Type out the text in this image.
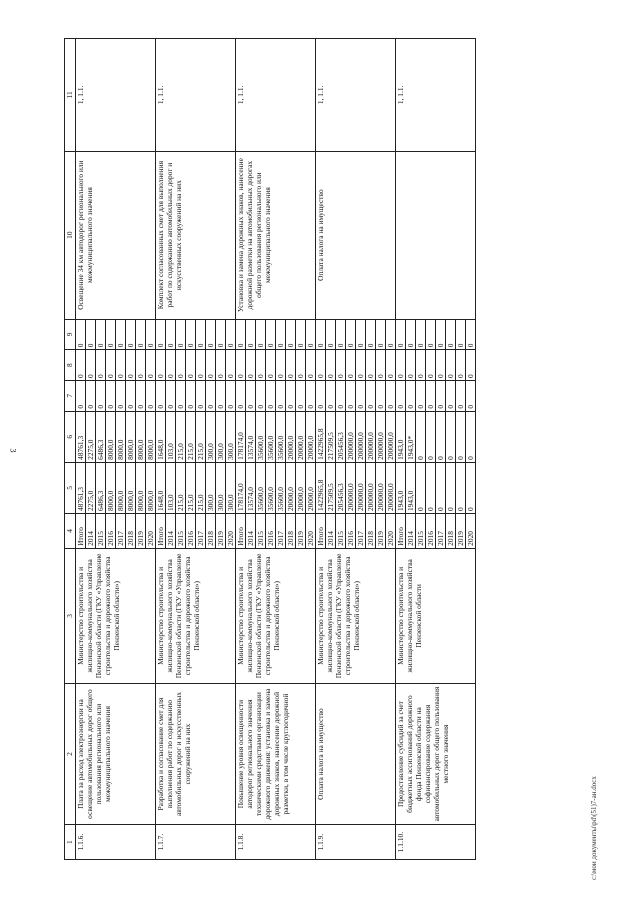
3
1	2	3	4	5	6	7	8	9	10	11
1.1.6.	Плата за расход электроэнергии на освещение автомобильных дорог общего пользования регионального или межмуниципального значения	Министерство строительства и жилищно-коммунального хозяйства Пензенской области (ГКУ «Управление строительства и дорожного хозяйства Пензенской области»)	Итого	48761,3	48761,3	0	0	0	Освещение 34 км автодорог регионального или межмуниципального значения	1, 1.1.
			2014	2275,0	2275,0	0	0	0		
			2015	6486,3	6486,3	0	0	0		
			2016	8000,0	8000,0	0	0	0		
			2017	8000,0	8000,0	0	0	0		
			2018	8000,0	8000,0	0	0	0		
			2019	8000,0	8000,0	0	0	0		
			2020	8000,0	8000,0	0	0	0		
1.1.7.	Разработка и согласование смет для выполнения работ по содержанию автомобильных дорог и искусственных сооружений на них	Министерство строительства и жилищно-коммунального хозяйства Пензенской области (ГКУ «Управление строительства и дорожного хозяйства Пензенской области»)	Итого	1648,0	1648,0	0	0	0	Комплект согласованных смет для выполнения работ по содержанию автомобильных дорог и искусственных сооружений на них	1, 1.1.
			2014	103,0	103,0	0	0	0		
			2015	215,0	215,0	0	0	0		
			2016	215,0	215,0	0	0	0		
			2017	215,0	215,0	0	0	0		
			2018	300,0	300,0	0	0	0		
			2019	300,0	300,0	0	0	0		
			2020	300,0	300,0	0	0	0		
1.1.8.	Повышение уровня освещенности автодорог регионального значения техническими средствами организации дорожного движения: установка и замена дорожных знаков, нанесение дорожной разметки, в том числе круглогодичной	Министерство строительства и жилищно-коммунального хозяйства Пензенской области (ГКУ «Управление строительства и дорожного хозяйства Пензенской области»)	Итого	178174,0	178174,0	0	0	0	Установка и замена дорожных знаков, нанесение дорожной разметки на автомобильных дорогах общего пользования регионального или межмуниципального значения	1, 1.1.
			2014	13574,0	13574,0	0	0	0		
			2015	35600,0	35600,0	0	0	0		
			2016	35600,0	35600,0	0	0	0		
			2017	35600,0	35600,0	0	0	0		
			2018	20000,0	20000,0	0	0	0		
			2019	20000,0	20000,0	0	0	0		
			2020	20000,0	20000,0	0	0	0		
1.1.9.	Оплата налога на имущество	Министерство строительства и жилищно-коммунального хозяйства Пензенской области (ГКУ «Управление строительства и дорожного хозяйства Пензенской области»)	Итого	1422965,8	1422965,8	0	0	0	Оплата налога на имущество	1, 1.1.
			2014	217509,5	217509,5	0	0	0		
			2015	205456,3	205456,3	0	0	0		
			2016	200000,0	200000,0	0	0	0		
			2017	200000,0	200000,0	0	0	0		
			2018	200000,0	200000,0	0	0	0		
			2019	200000,0	200000,0	0	0	0		
			2020	200000,0	200000,0	0	0	0		
1.1.10.	Предоставление субсидий за счет бюджетных ассигнований дорожного фонда Пензенской области на софинансирование содержания автомобильных дорог общего пользования местного значения	Министерство строительства и жилищно-коммунального хозяйства Пензенской области	Итого	1943,0	1943,0	0	0	0		1, 1.1.
			2014	1943,0	1943,0*	0	0	0		
			2015	0	0	0	0	0		
			2016	0	0	0	0	0		
			2017	0	0	0	0	0		
			2018	0	0	0	0	0		
			2019	0	0	0	0	0		
			2020	0	0	0	0	0		
c:\мои документы\pd\(51)7-ан.docx
